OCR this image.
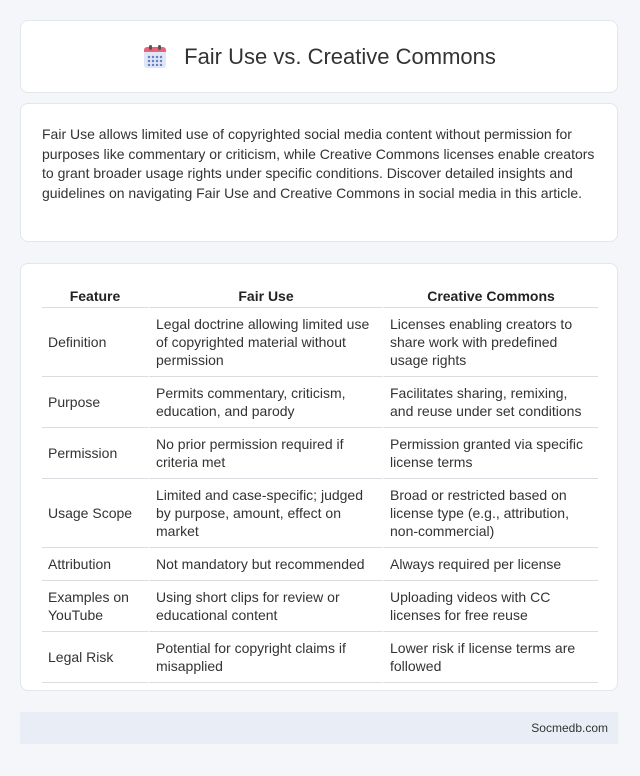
Fair Use vs. Creative Commons

Fair Use allows limited use of copyrighted social media content without permission for purposes like commentary or criticism, while Creative Commons licenses enable creators to grant broader usage rights under specific conditions. Discover detailed insights and guidelines on navigating Fair Use and Creative Commons in social media in this article.

Feature	Fair Use	Creative Commons
Definition	Legal doctrine allowing limited use of copyrighted material without permission	Licenses enabling creators to share work with predefined usage rights
Purpose	Permits commentary, criticism, education, and parody	Facilitates sharing, remixing, and reuse under set conditions
Permission	No prior permission required if criteria met	Permission granted via specific license terms
Usage Scope	Limited and case-specific; judged by purpose, amount, effect on market	Broad or restricted based on license type (e.g., attribution, non-commercial)
Attribution	Not mandatory but recommended	Always required per license
Examples on YouTube	Using short clips for review or educational content	Uploading videos with CC licenses for free reuse
Legal Risk	Potential for copyright claims if misapplied	Lower risk if license terms are followed
Socmedb.com
